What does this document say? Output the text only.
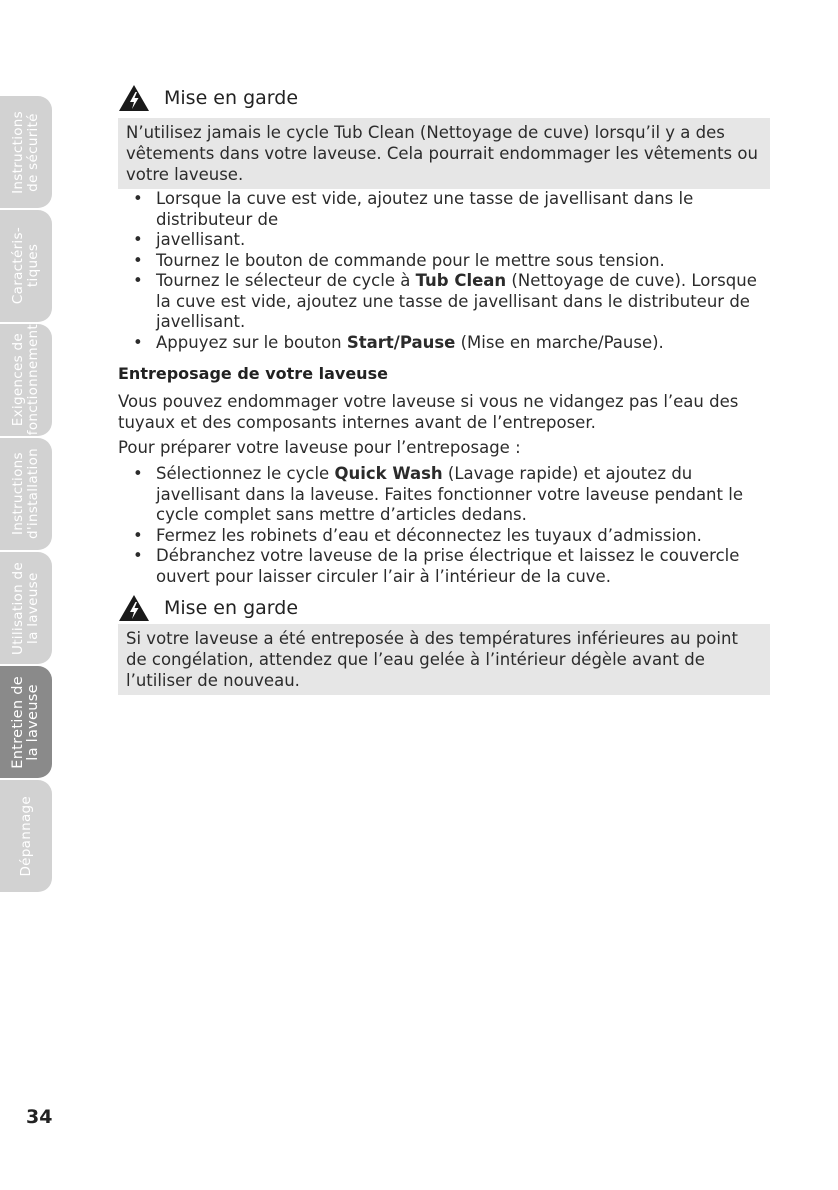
Instructions
de sécurité
Caractéris-
tiques
Exigences de
fonctionnement
Instructions
d'installation
Utilisation de
la laveuse
Entretien de
la laveuse
Dépannage
Mise en garde
N’utilisez jamais le cycle Tub Clean (Nettoyage de cuve) lorsqu’il y a des vêtements dans votre laveuse. Cela pourrait endommager les vêtements ou votre laveuse.
• Lorsque la cuve est vide, ajoutez une tasse de javellisant dans le distributeur de
• javellisant.
• Tournez le bouton de commande pour le mettre sous tension.
• Tournez le sélecteur de cycle à Tub Clean (Nettoyage de cuve). Lorsque la cuve est vide, ajoutez une tasse de javellisant dans le distributeur de javellisant.
• Appuyez sur le bouton Start/Pause (Mise en marche/Pause).
Entreposage de votre laveuse

Vous pouvez endommager votre laveuse si vous ne vidangez pas l’eau des tuyaux et des composants internes avant de l’entreposer.

Pour préparer votre laveuse pour l’entreposage :

• Sélectionnez le cycle Quick Wash (Lavage rapide) et ajoutez du javellisant dans la laveuse. Faites fonctionner votre laveuse pendant le cycle complet sans mettre d’articles dedans.
• Fermez les robinets d’eau et déconnectez les tuyaux d’admission.
• Débranchez votre laveuse de la prise électrique et laissez le couvercle ouvert pour laisser circuler l’air à l’intérieur de la cuve.
Mise en garde
Si votre laveuse a été entreposée à des températures inférieures au point de congélation, attendez que l’eau gelée à l’intérieur dégèle avant de l’utiliser de nouveau.
34
